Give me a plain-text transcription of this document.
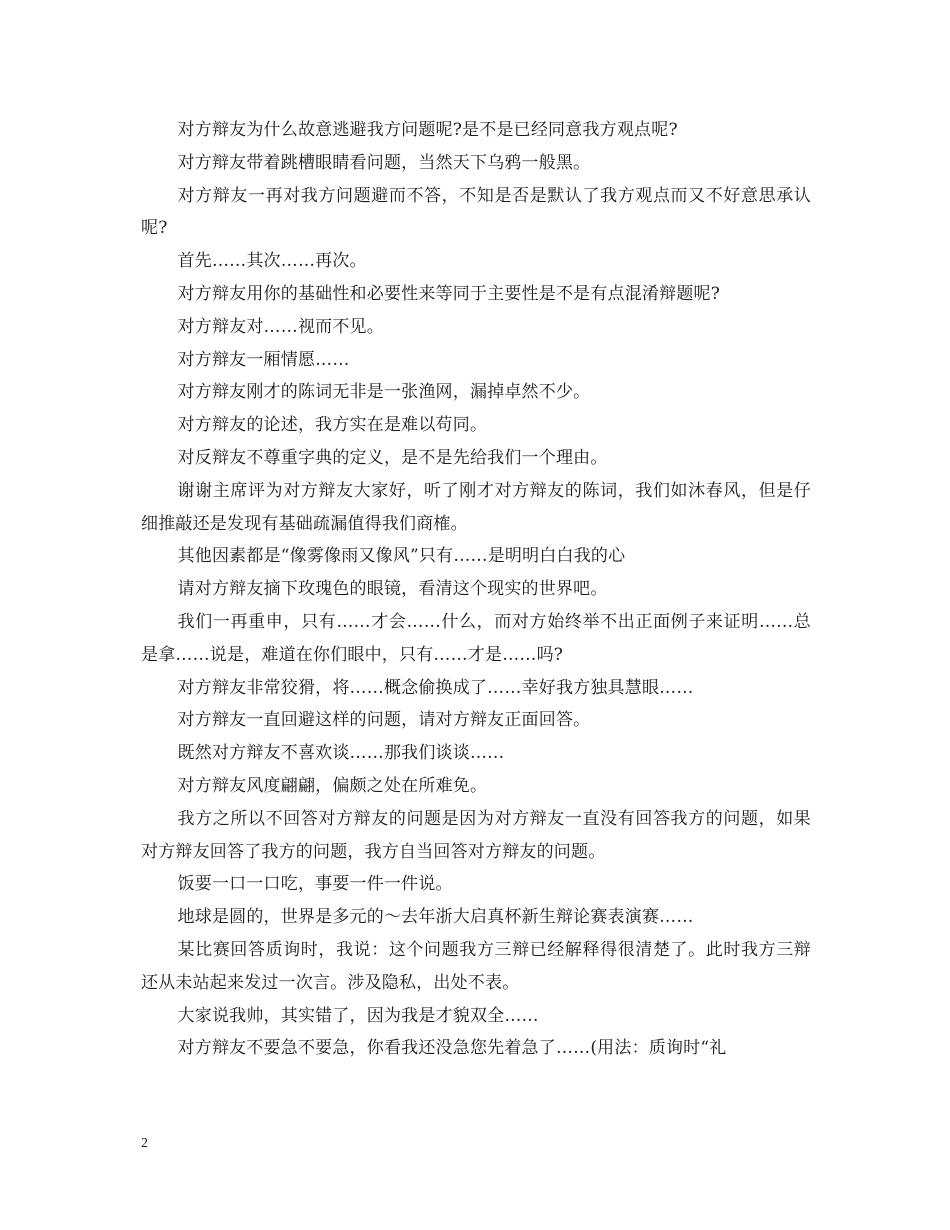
对方辩友为什么故意逃避我方问题呢?是不是已经同意我方观点呢?

对方辩友带着跳槽眼睛看问题，当然天下乌鸦一般黑。

对方辩友一再对我方问题避而不答，不知是否是默认了我方观点而又不好意思承认呢?

首先……其次……再次。

对方辩友用你的基础性和必要性来等同于主要性是不是有点混淆辩题呢?

对方辩友对……视而不见。

对方辩友一厢情愿……

对方辩友刚才的陈词无非是一张渔网，漏掉卓然不少。

对方辩友的论述，我方实在是难以苟同。

对反辩友不尊重字典的定义，是不是先给我们一个理由。

谢谢主席评为对方辩友大家好，听了刚才对方辩友的陈词，我们如沐春风，但是仔细推敲还是发现有基础疏漏值得我们商榷。

其他因素都是“像雾像雨又像风”只有……是明明白白我的心

请对方辩友摘下玫瑰色的眼镜，看清这个现实的世界吧。

我们一再重申，只有……才会……什么，而对方始终举不出正面例子来证明……总是拿……说是，难道在你们眼中，只有……才是……吗?

对方辩友非常狡猾，将……概念偷换成了……幸好我方独具慧眼……

对方辩友一直回避这样的问题，请对方辩友正面回答。

既然对方辩友不喜欢谈……那我们谈谈……

对方辩友风度翩翩，偏颇之处在所难免。

我方之所以不回答对方辩友的问题是因为对方辩友一直没有回答我方的问题，如果对方辩友回答了我方的问题，我方自当回答对方辩友的问题。

饭要一口一口吃，事要一件一件说。

地球是圆的，世界是多元的～去年浙大启真杯新生辩论赛表演赛……

某比赛回答质询时，我说：这个问题我方三辩已经解释得很清楚了。此时我方三辩还从未站起来发过一次言。涉及隐私，出处不表。

大家说我帅，其实错了，因为我是才貌双全……

对方辩友不要急不要急，你看我还没急您先着急了……(用法：质询时“礼

2
